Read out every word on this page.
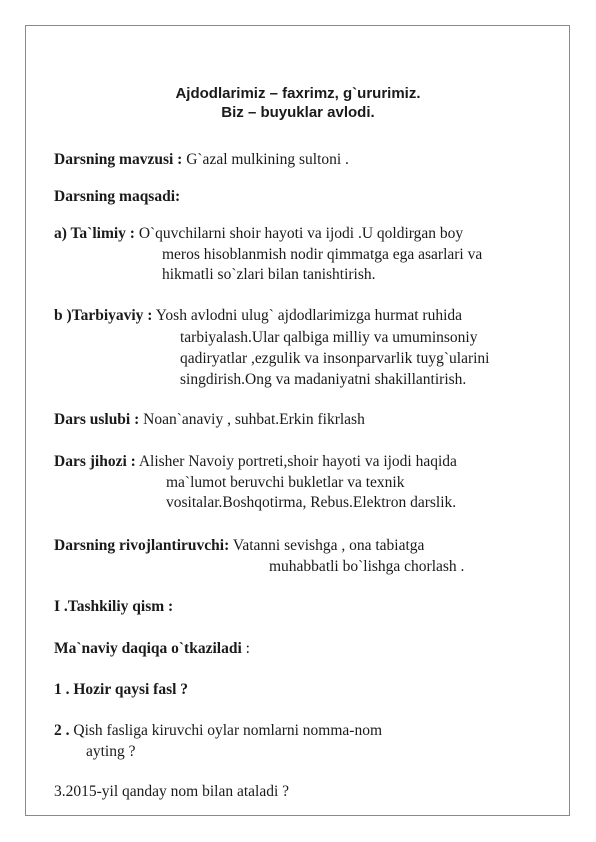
Ajdodlarimiz – faxrimz, g`ururimiz.
Biz – buyuklar avlodi.
Darsning mavzusi : G`azal mulkining sultoni .
Darsning maqsadi:
a) Ta`limiy : O`quvchilarni shoir hayoti va ijodi .U qoldirgan boy
meros hisoblanmish nodir qimmatga ega asarlari va
hikmatli so`zlari bilan tanishtirish.
b )Tarbiyaviy : Yosh avlodni ulug` ajdodlarimizga hurmat ruhida
tarbiyalash.Ular qalbiga milliy va umuminsoniy
qadiryatlar ,ezgulik va insonparvarlik tuyg`ularini
singdirish.Ong va madaniyatni shakillantirish.
Dars uslubi : Noan`anaviy , suhbat.Erkin fikrlash
Dars jihozi : Alisher Navoiy portreti,shoir hayoti va ijodi haqida
ma`lumot beruvchi bukletlar va texnik
vositalar.Boshqotirma, Rebus.Elektron darslik.
Darsning rivojlantiruvchi: Vatanni sevishga , ona tabiatga
muhabbatli bo`lishga chorlash .
I .Tashkiliy qism :
Ma`naviy daqiqa o`tkaziladi :
1 . Hozir qaysi fasl ?
2 . Qish fasliga kiruvchi oylar nomlarni nomma-nom
ayting ?
3.2015-yil qanday nom bilan ataladi ?
